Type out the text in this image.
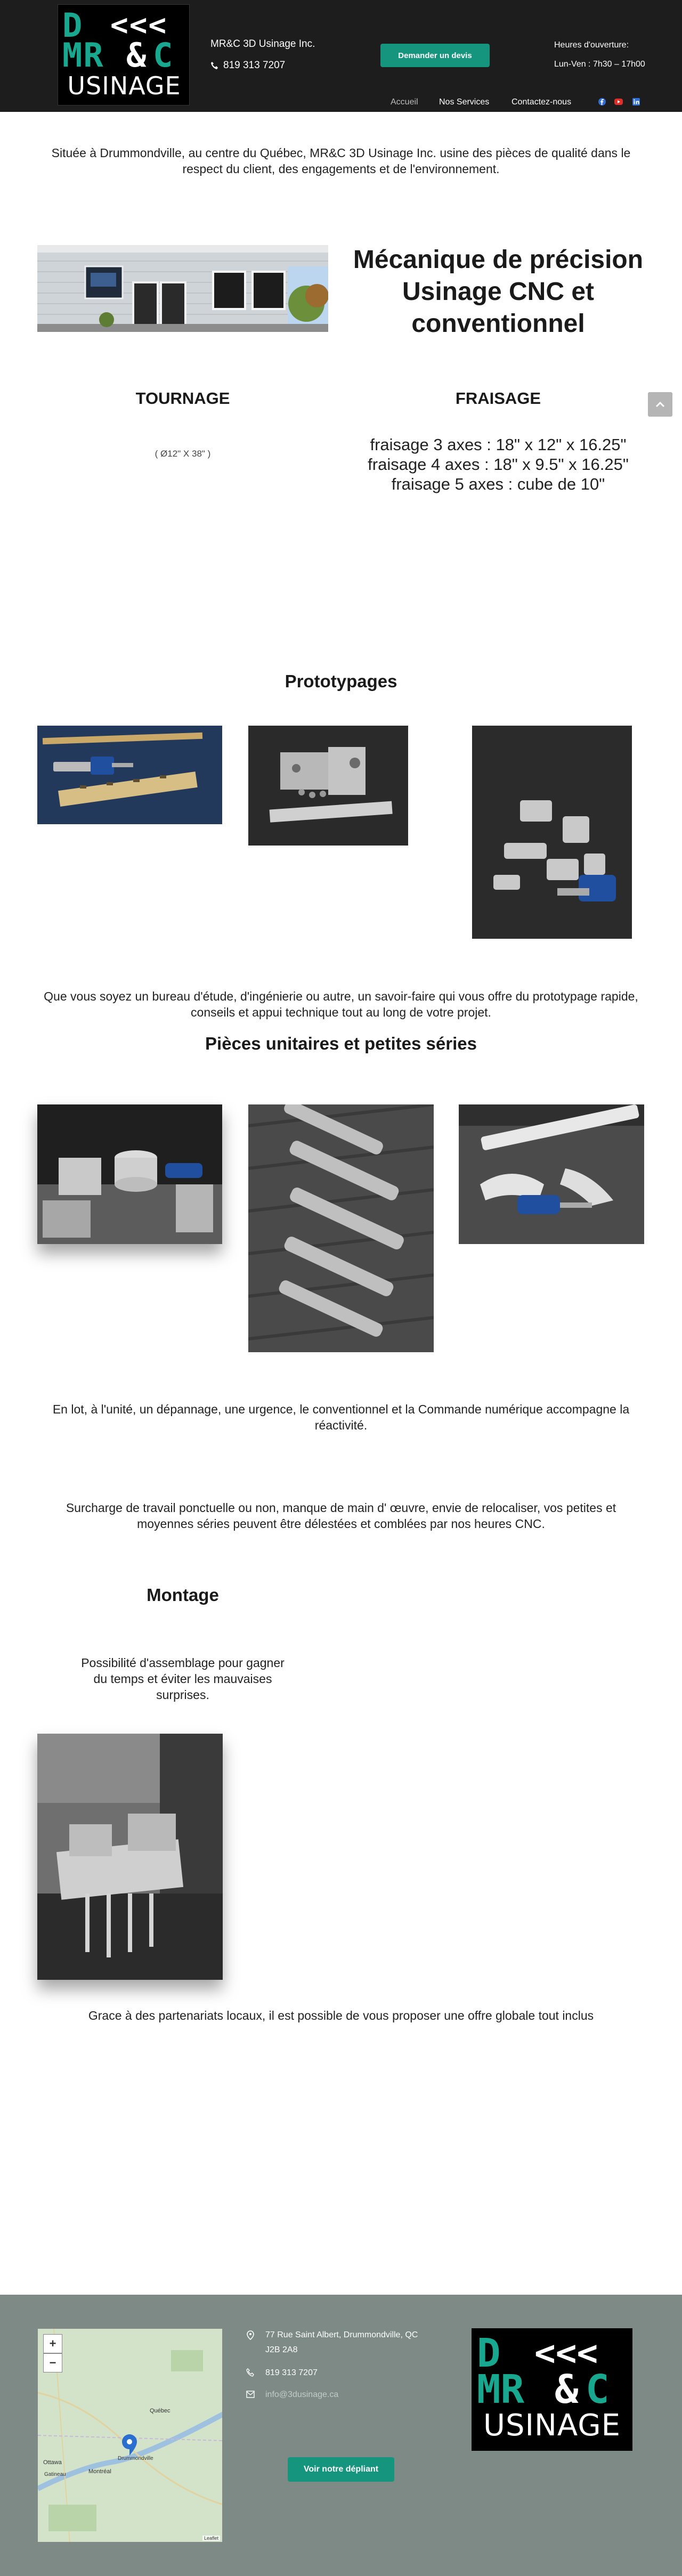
D <<<
MR & C
USINAGE
MR&C 3D Usinage Inc.
819 313 7207
Demander un devis
Heures d'ouverture:
Lun-Ven : 7h30 – 17h00
Accueil Nos Services	Contactez-nous
Située à Drummondville, au centre du Québec, MR&C 3D Usinage Inc. usine des pièces de qualité dans le respect du client, des engagements et de l'environnement.
Mécanique de précision Usinage CNC et conventionnel
TOURNAGE
( Ø12" X 38" )
FRAISAGE
fraisage 3 axes : 18" x 12" x 16.25"
fraisage 4 axes : 18" x 9.5" x 16.25"
fraisage 5 axes : cube de 10"
Prototypages
Que vous soyez un bureau d'étude, d'ingénierie ou autre, un savoir-faire qui vous offre du prototypage rapide, conseils et appui technique tout au long de votre projet.
Pièces unitaires et petites séries
En lot, à l'unité, un dépannage, une urgence, le conventionnel et la Commande numérique accompagne la réactivité.
Surcharge de travail ponctuelle ou non, manque de main d' œuvre, envie de relocaliser, vos petites et moyennes séries peuvent être délestées et comblées par nos heures CNC.
Montage
Possibilité d'assemblage pour gagner du temps et éviter les mauvaises surprises.
Grace à des partenariats locaux, il est possible de vous proposer une offre globale tout inclus
+
−
Québec
Ottawa
Montréal
Drummondville
Gatineau
Leaflet
77 Rue Saint Albert, Drummondville, QC
J2B 2A8
819 313 7207
info@3dusinage.ca
Voir notre dépliant
D <<<
MR & C
USINAGE
